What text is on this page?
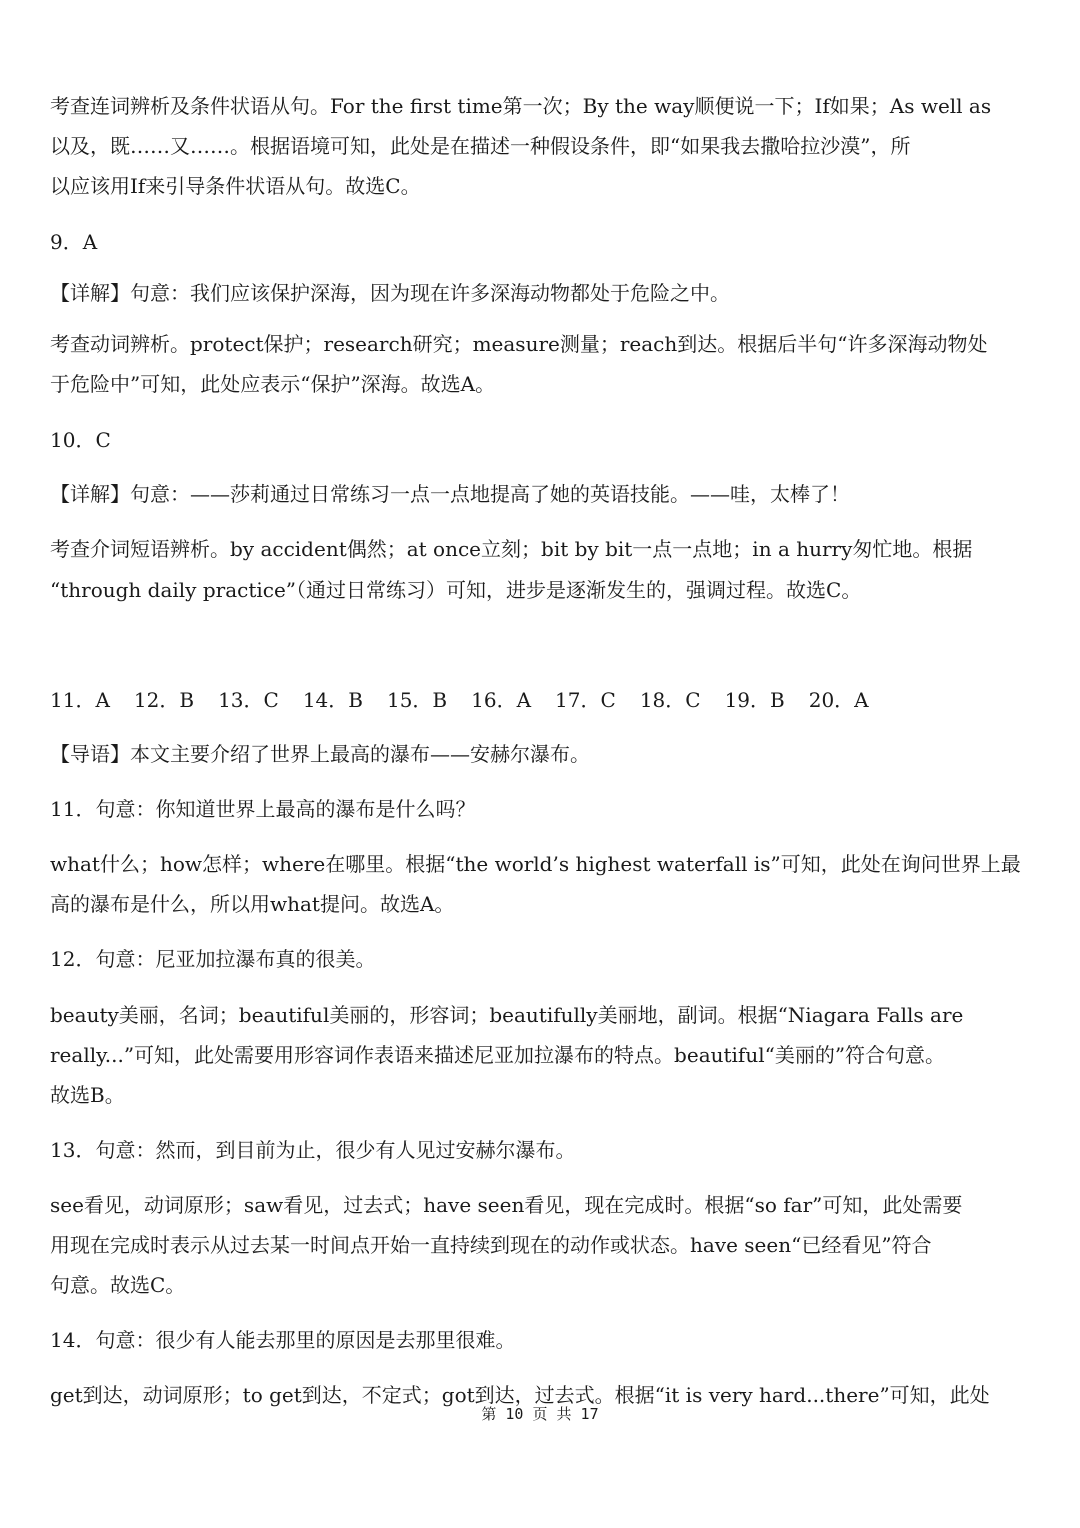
考查连词辨析及条件状语从句。For the first time第一次；By the way顺便说一下；If如果；As well as
以及，既……又……。根据语境可知，此处是在描述一种假设条件，即“如果我去撒哈拉沙漠”，所
以应该用If来引导条件状语从句。故选C。
9．A
【详解】句意：我们应该保护深海，因为现在许多深海动物都处于危险之中。
考查动词辨析。protect保护；research研究；measure测量；reach到达。根据后半句“许多深海动物处
于危险中”可知，此处应表示“保护”深海。故选A。
10．C
【详解】句意：——莎莉通过日常练习一点一点地提高了她的英语技能。——哇，太棒了！
考查介词短语辨析。by accident偶然；at once立刻；bit by bit一点一点地；in a hurry匆忙地。根据
“through daily practice”（通过日常练习）可知，进步是逐渐发生的，强调过程。故选C。
11．A 12．B 13．C 14．B 15．B 16．A 17．C 18．C 19．B 20．A
【导语】本文主要介绍了世界上最高的瀑布——安赫尔瀑布。
11．句意：你知道世界上最高的瀑布是什么吗？
what什么；how怎样；where在哪里。根据“the world’s highest waterfall is”可知，此处在询问世界上最
高的瀑布是什么，所以用what提问。故选A。
12．句意：尼亚加拉瀑布真的很美。
beauty美丽，名词；beautiful美丽的，形容词；beautifully美丽地，副词。根据“Niagara Falls are
really...”可知，此处需要用形容词作表语来描述尼亚加拉瀑布的特点。beautiful“美丽的”符合句意。
故选B。
13．句意：然而，到目前为止，很少有人见过安赫尔瀑布。
see看见，动词原形；saw看见，过去式；have seen看见，现在完成时。根据“so far”可知，此处需要
用现在完成时表示从过去某一时间点开始一直持续到现在的动作或状态。have seen“已经看见”符合
句意。故选C。
14．句意：很少有人能去那里的原因是去那里很难。
get到达，动词原形；to get到达，不定式；got到达，过去式。根据“it is very hard...there”可知，此处
第 10 页 共 17
